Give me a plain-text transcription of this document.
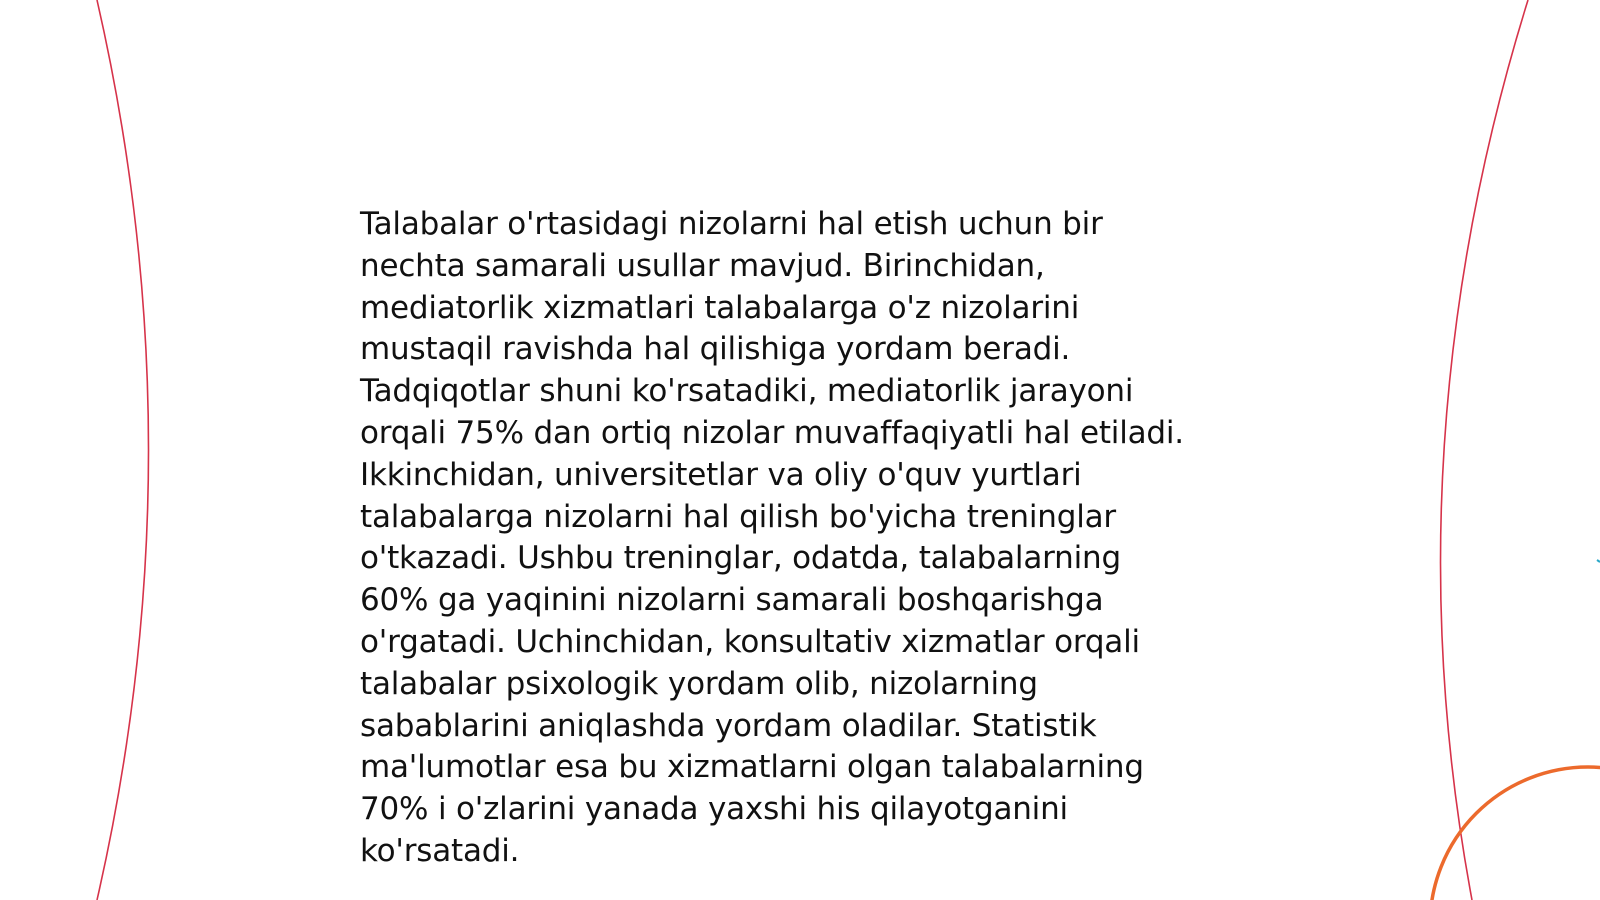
Talabalar o'rtasidagi nizolarni hal etish uchun bir
nechta samarali usullar mavjud. Birinchidan,
mediatorlik xizmatlari talabalarga o'z nizolarini
mustaqil ravishda hal qilishiga yordam beradi.
Tadqiqotlar shuni ko'rsatadiki, mediatorlik jarayoni
orqali 75% dan ortiq nizolar muvaffaqiyatli hal etiladi.
Ikkinchidan, universitetlar va oliy o'quv yurtlari
talabalarga nizolarni hal qilish bo'yicha treninglar
o'tkazadi. Ushbu treninglar, odatda, talabalarning
60% ga yaqinini nizolarni samarali boshqarishga
o'rgatadi. Uchinchidan, konsultativ xizmatlar orqali
talabalar psixologik yordam olib, nizolarning
sabablarini aniqlashda yordam oladilar. Statistik
ma'lumotlar esa bu xizmatlarni olgan talabalarning
70% i o'zlarini yanada yaxshi his qilayotganini
ko'rsatadi.
